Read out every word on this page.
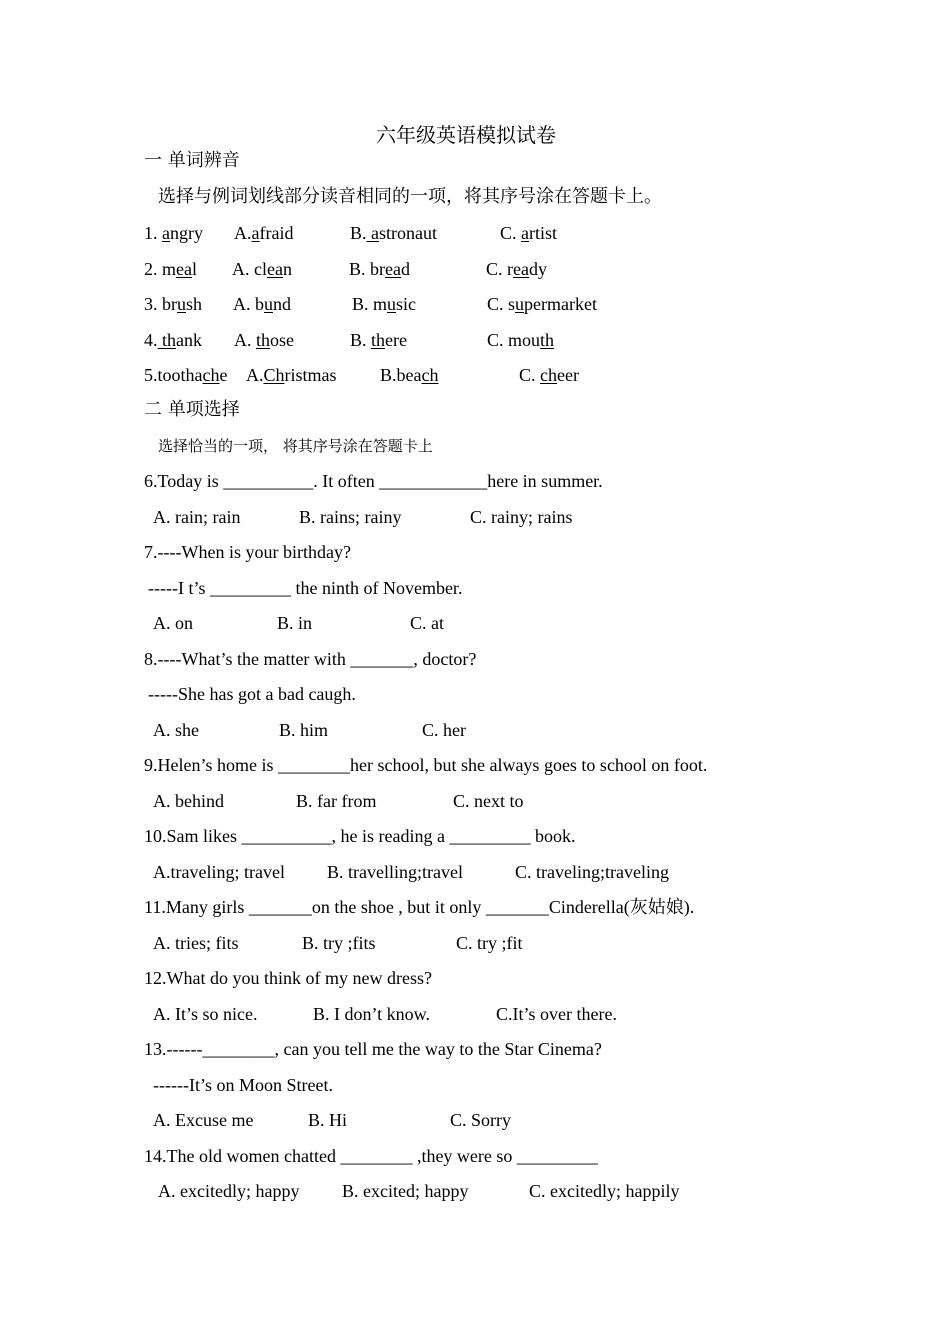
六年级英语模拟试卷
一 单词辨音
选择与例词划线部分读音相同的一项，将其序号涂在答题卡上。
1. angry A.afraid	B. astronaut	C. artist
2. meal A. clean	B. bread	C. ready
3. brush A. bund	B. music	C. supermarket
4. thank A. those	B. there	C. mouth
5.toothache A.Christmas B.beach	C. cheer
二 单项选择
选择恰当的一项， 将其序号涂在答题卡上
6.Today is __________. It often ____________here in summer.
A. rain; rain	B. rains; rainy	C. rainy; rains
7.----When is your birthday?
-----I t’s _________ the ninth of November.
A. on	B. in	C. at
8.----What’s the matter with _______, doctor?
-----She has got a bad caugh.
A. she	B. him	C. her
9.Helen’s home is ________her school, but she always goes to school on foot.
A. behind	B. far from	C. next to
10.Sam likes __________, he is reading a _________ book.
A.traveling; travel B. travelling;travel	C. traveling;traveling
11.Many girls _______on the shoe , but it only _______Cinderella(灰姑娘).
A. tries; fits	B. try ;fits	C. try ;fit
12.What do you think of my new dress?
A. It’s so nice.	B. I don’t know.	C.It’s over there.
13.------________, can you tell me the way to the Star Cinema?
------It’s on Moon Street.
A. Excuse me	B. Hi	C. Sorry
14.The old women chatted ________ ,they were so _________
A. excitedly; happy B. excited; happy	C. excitedly; happily
